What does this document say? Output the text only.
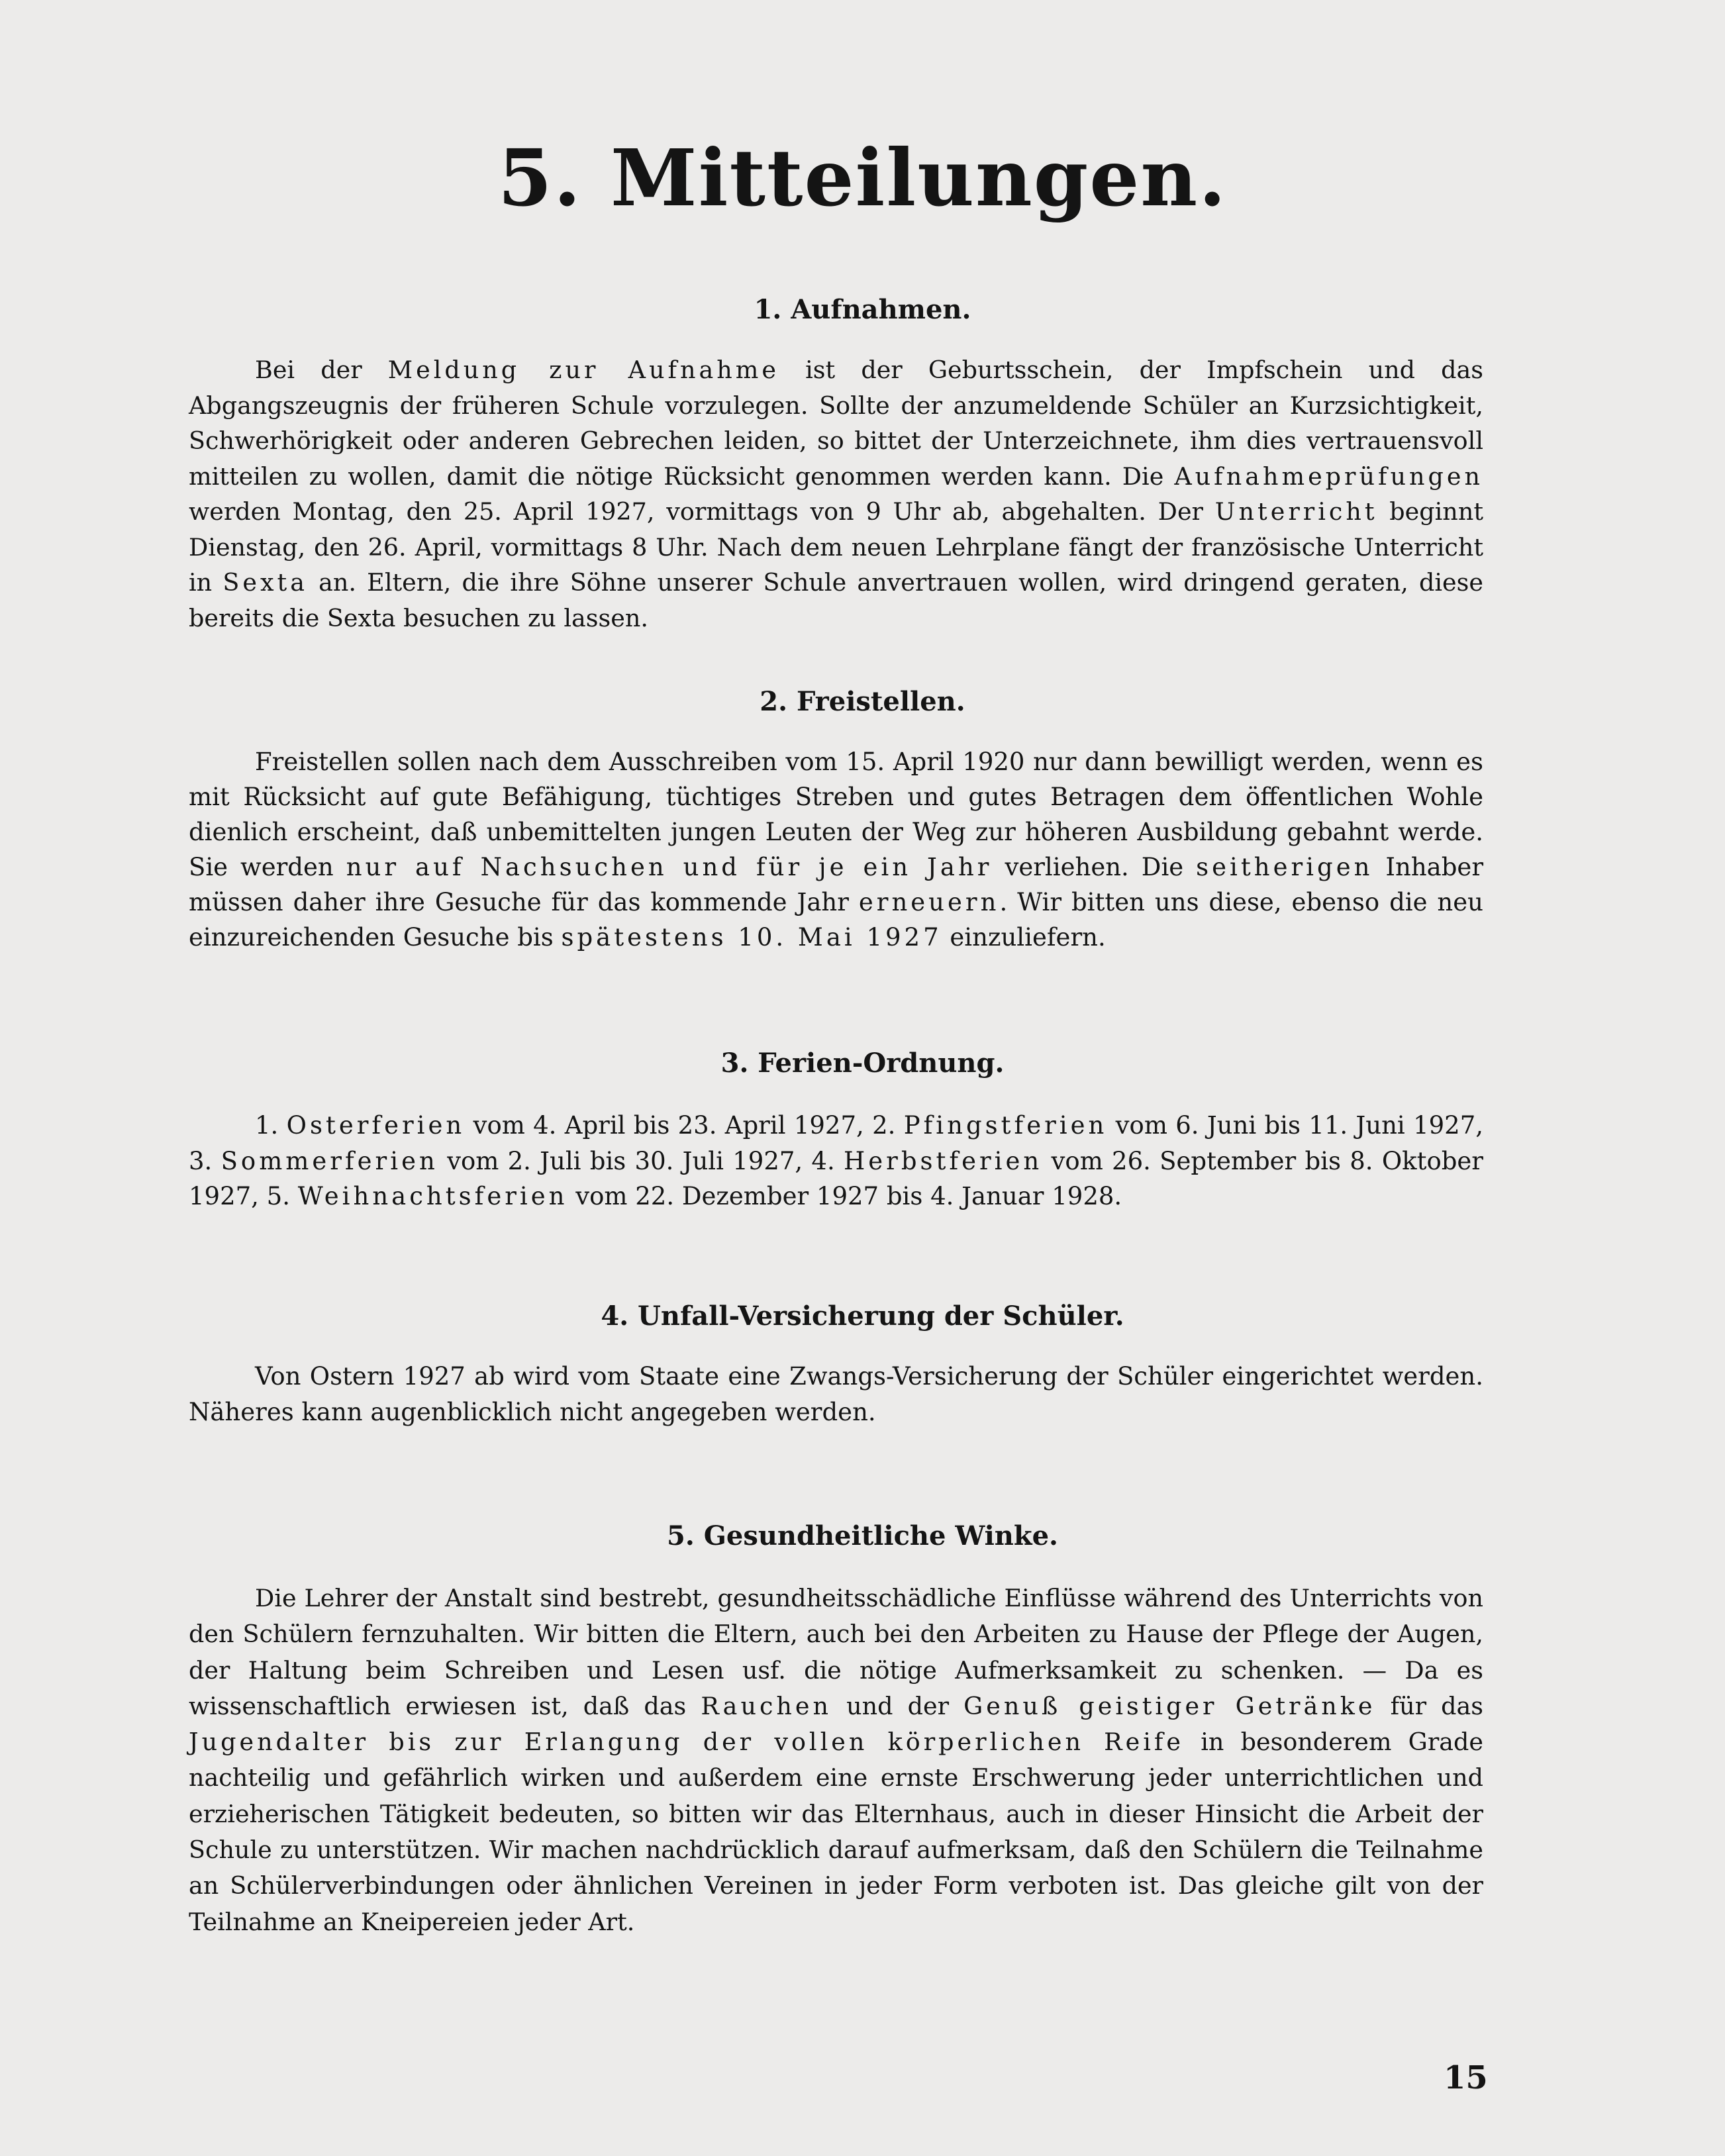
5. Mitteilungen.
1. Aufnahmen.

Bei der Meldung zur Aufnahme ist der Geburtsschein, der Impfschein und das Abgangszeugnis der früheren Schule vorzulegen. Sollte der anzumeldende Schüler an Kurzsichtigkeit, Schwerhörigkeit oder anderen Gebrechen leiden, so bittet der Unterzeichnete, ihm dies vertrauensvoll mitteilen zu wollen, damit die nötige Rücksicht genommen werden kann. Die Aufnahmeprüfungen werden Montag, den 25. April 1927, vormittags von 9 Uhr ab, abgehalten. Der Unterricht beginnt Dienstag, den 26. April, vormittags 8 Uhr. Nach dem neuen Lehrplane fängt der französische Unterricht in Sexta an. Eltern, die ihre Söhne unserer Schule anvertrauen wollen, wird dringend geraten, diese bereits die Sexta besuchen zu lassen.

2. Freistellen.

Freistellen sollen nach dem Ausschreiben vom 15. April 1920 nur dann bewilligt werden, wenn es mit Rücksicht auf gute Befähigung, tüchtiges Streben und gutes Betragen dem öffentlichen Wohle dienlich erscheint, daß unbemittelten jungen Leuten der Weg zur höheren Ausbildung gebahnt werde. Sie werden nur auf Nachsuchen und für je ein Jahr verliehen. Die seitherigen Inhaber müssen daher ihre Gesuche für das kommende Jahr erneuern. Wir bitten uns diese, ebenso die neu einzureichenden Gesuche bis spätestens 10. Mai 1927 einzuliefern.

3. Ferien-Ordnung.

1. Osterferien vom 4. April bis 23. April 1927, 2. Pfingstferien vom 6. Juni bis 11. Juni 1927, 3. Sommerferien vom 2. Juli bis 30. Juli 1927, 4. Herbstferien vom 26. September bis 8. Oktober 1927, 5. Weihnachtsferien vom 22. Dezember 1927 bis 4. Januar 1928.

4. Unfall-Versicherung der Schüler.

Von Ostern 1927 ab wird vom Staate eine Zwangs-Versicherung der Schüler eingerichtet werden. Näheres kann augenblicklich nicht angegeben werden.

5. Gesundheitliche Winke.

Die Lehrer der Anstalt sind bestrebt, gesundheitsschädliche Einflüsse während des Unterrichts von den Schülern fernzuhalten. Wir bitten die Eltern, auch bei den Arbeiten zu Hause der Pflege der Augen, der Haltung beim Schreiben und Lesen usf. die nötige Aufmerksamkeit zu schenken. — Da es wissenschaftlich erwiesen ist, daß das Rauchen und der Genuß geistiger Getränke für das Jugendalter bis zur Erlangung der vollen körperlichen Reife in besonderem Grade nachteilig und gefährlich wirken und außerdem eine ernste Erschwerung jeder unterrichtlichen und erzieherischen Tätigkeit bedeuten, so bitten wir das Elternhaus, auch in dieser Hinsicht die Arbeit der Schule zu unterstützen. Wir machen nachdrücklich darauf aufmerksam, daß den Schülern die Teilnahme an Schülerverbindungen oder ähnlichen Vereinen in jeder Form verboten ist. Das gleiche gilt von der Teilnahme an Kneipereien jeder Art.

15
